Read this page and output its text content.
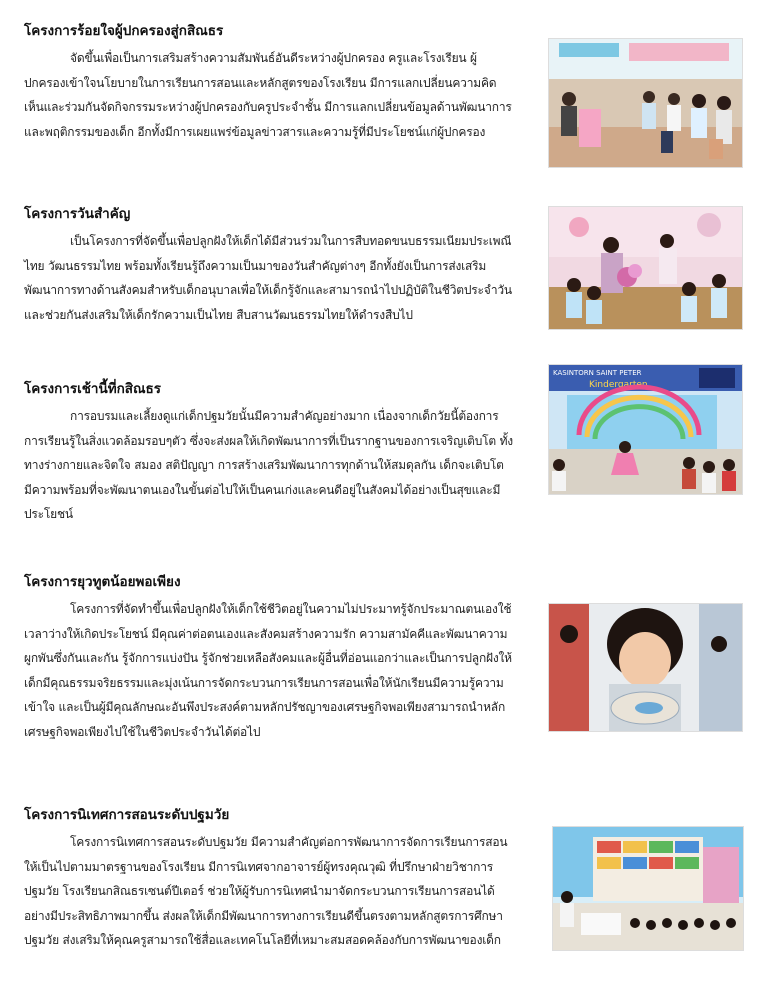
โครงการร้อยใจผู้ปกครองสู่กสิณธร

จัดขึ้นเพื่อเป็นการเสริมสร้างความสัมพันธ์อันดีระหว่างผู้ปกครอง ครูและโรงเรียน ผู้ปกครองเข้าใจนโยบายในการเรียนการสอนและหลักสูตรของโรงเรียน มีการแลกเปลี่ยนความคิดเห็นและร่วมกันจัดกิจกรรมระหว่างผู้ปกครองกับครูประจำชั้น มีการแลกเปลี่ยนข้อมูลด้านพัฒนาการและพฤติกรรมของเด็ก อีกทั้งมีการเผยแพร่ข้อมูลข่าวสารและความรู้ที่มีประโยชน์แก่ผู้ปกครอง

โครงการวันสำคัญ

เป็นโครงการที่จัดขึ้นเพื่อปลูกฝังให้เด็กได้มีส่วนร่วมในการสืบทอดขนบธรรมเนียมประเพณีไทย วัฒนธรรมไทย พร้อมทั้งเรียนรู้ถึงความเป็นมาของวันสำคัญต่างๆ อีกทั้งยังเป็นการส่งเสริมพัฒนาการทางด้านสังคมสำหรับเด็กอนุบาลเพื่อให้เด็กรู้จักและสามารถนำไปปฏิบัติในชีวิตประจำวันและช่วยกันส่งเสริมให้เด็กรักความเป็นไทย สืบสานวัฒนธรรมไทยให้ดำรงสืบไป

โครงการเช้านี้ที่กสิณธร

การอบรมและเลี้ยงดูแก่เด็กปฐมวัยนั้นมีความสำคัญอย่างมาก เนื่องจากเด็กวัยนี้ต้องการการเรียนรู้ในสิ่งแวดล้อมรอบๆตัว ซึ่งจะส่งผลให้เกิดพัฒนาการที่เป็นรากฐานของการเจริญเติบโต ทั้งทางร่างกายและจิตใจ สมอง สติปัญญา การสร้างเสริมพัฒนาการทุกด้านให้สมดุลกัน เด็กจะเติบโต มีความพร้อมที่จะพัฒนาตนเองในขั้นต่อไปให้เป็นคนเก่งและคนดีอยู่ในสังคมได้อย่างเป็นสุขและมีประโยชน์

KASINTORN SAINT PETER
Kindergarten
โครงการยุวทูตน้อยพอเพียง

โครงการที่จัดทำขึ้นเพื่อปลูกฝังให้เด็กใช้ชีวิตอยู่ในความไม่ประมาทรู้จักประมาณตนเองใช้เวลาว่างให้เกิดประโยชน์ มีคุณค่าต่อตนเองและสังคมสร้างความรัก ความสามัคคีและพัฒนาความผูกพันซึ่งกันและกัน รู้จักการแบ่งปัน รู้จักช่วยเหลือสังคมและผู้อื่นที่อ่อนแอกว่าและเป็นการปลูกฝังให้เด็กมีคุณธรรมจริยธรรมและมุ่งเน้นการจัดกระบวนการเรียนการสอนเพื่อให้นักเรียนมีความรู้ความเข้าใจ และเป็นผู้มีคุณลักษณะอันพึงประสงค์ตามหลักปรัชญาของเศรษฐกิจพอเพียงสามารถนำหลักเศรษฐกิจพอเพียงไปใช้ในชีวิตประจำวันได้ต่อไป

โครงการนิเทศการสอนระดับปฐมวัย

โครงการนิเทศการสอนระดับปฐมวัย มีความสำคัญต่อการพัฒนาการจัดการเรียนการสอนให้เป็นไปตามมาตรฐานของโรงเรียน มีการนิเทศจากอาจารย์ผู้ทรงคุณวุฒิ ที่ปรึกษาฝ่ายวิชาการปฐมวัย โรงเรียนกสิณธรเซนต์ปีเตอร์ ช่วยให้ผู้รับการนิเทศนำมาจัดกระบวนการเรียนการสอนได้อย่างมีประสิทธิภาพมากขึ้น ส่งผลให้เด็กมีพัฒนาการทางการเรียนดีขึ้นตรงตามหลักสูตรการศึกษาปฐมวัย ส่งเสริมให้คุณครูสามารถใช้สื่อและเทคโนโลยีที่เหมาะสมสอดคล้องกับการพัฒนาของเด็ก
